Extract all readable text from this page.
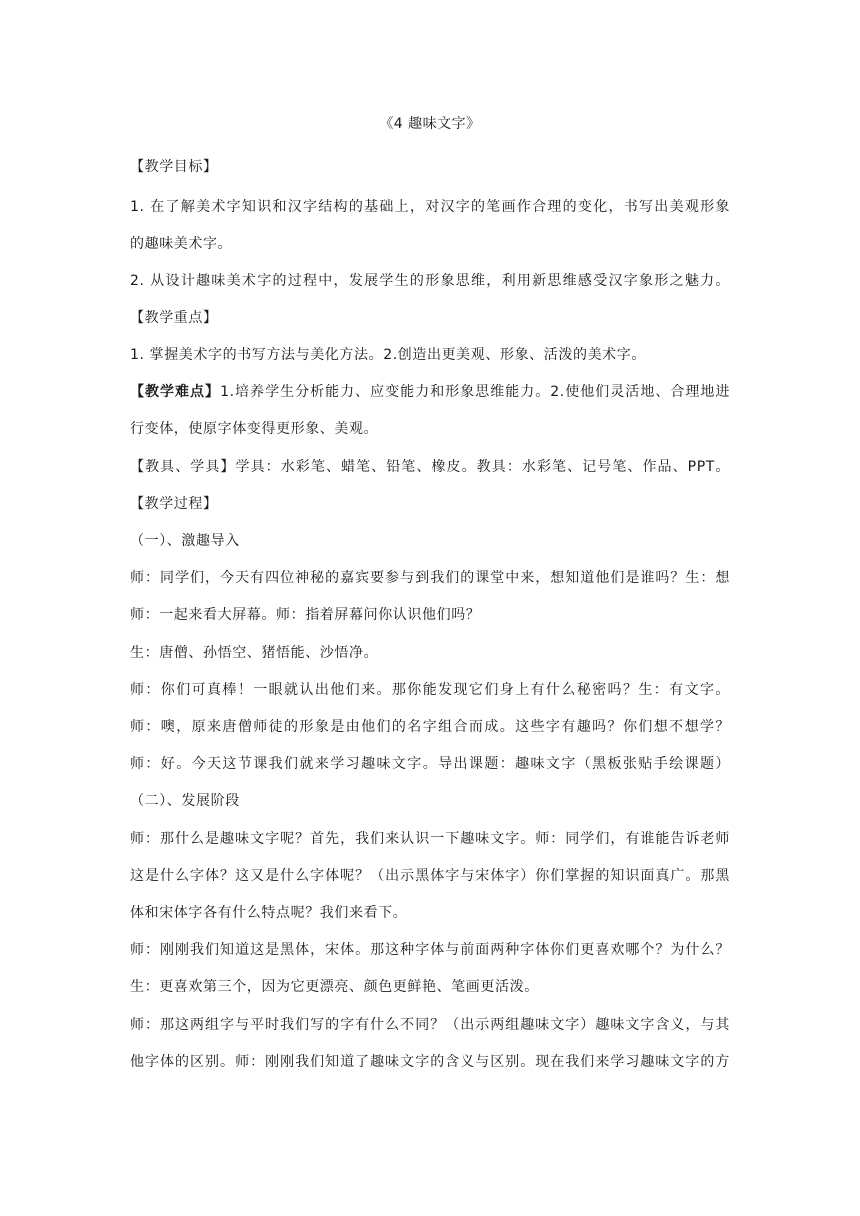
《4 趣味文字》
【教学目标】
1. 在了解美术字知识和汉字结构的基础上，对汉字的笔画作合理的变化，书写出美观形象
的趣味美术字。
2. 从设计趣味美术字的过程中，发展学生的形象思维，利用新思维感受汉字象形之魅力。
【教学重点】
1. 掌握美术字的书写方法与美化方法。2.创造出更美观、形象、活泼的美术字。
【教学难点】1.培养学生分析能力、应变能力和形象思维能力。2.使他们灵活地、合理地进
行变体，使原字体变得更形象、美观。
【教具、学具】学具：水彩笔、蜡笔、铅笔、橡皮。教具：水彩笔、记号笔、作品、PPT。
【教学过程】
（一）、激趣导入
师：同学们，今天有四位神秘的嘉宾要参与到我们的课堂中来，想知道他们是谁吗？生：想
师：一起来看大屏幕。师：指着屏幕问你认识他们吗？
生：唐僧、孙悟空、猪悟能、沙悟净。
师：你们可真棒！一眼就认出他们来。那你能发现它们身上有什么秘密吗？生：有文字。
师：噢，原来唐僧师徒的形象是由他们的名字组合而成。这些字有趣吗？你们想不想学？
师：好。今天这节课我们就来学习趣味文字。导出课题：趣味文字（黑板张贴手绘课题）
（二）、发展阶段
师：那什么是趣味文字呢？首先，我们来认识一下趣味文字。师：同学们，有谁能告诉老师
这是什么字体？这又是什么字体呢？（出示黑体字与宋体字）你们掌握的知识面真广。那黑
体和宋体字各有什么特点呢？我们来看下。
师：刚刚我们知道这是黑体，宋体。那这种字体与前面两种字体你们更喜欢哪个？为什么？
生：更喜欢第三个，因为它更漂亮、颜色更鲜艳、笔画更活泼。
师：那这两组字与平时我们写的字有什么不同？（出示两组趣味文字）趣味文字含义，与其
他字体的区别。师：刚刚我们知道了趣味文字的含义与区别。现在我们来学习趣味文字的方
